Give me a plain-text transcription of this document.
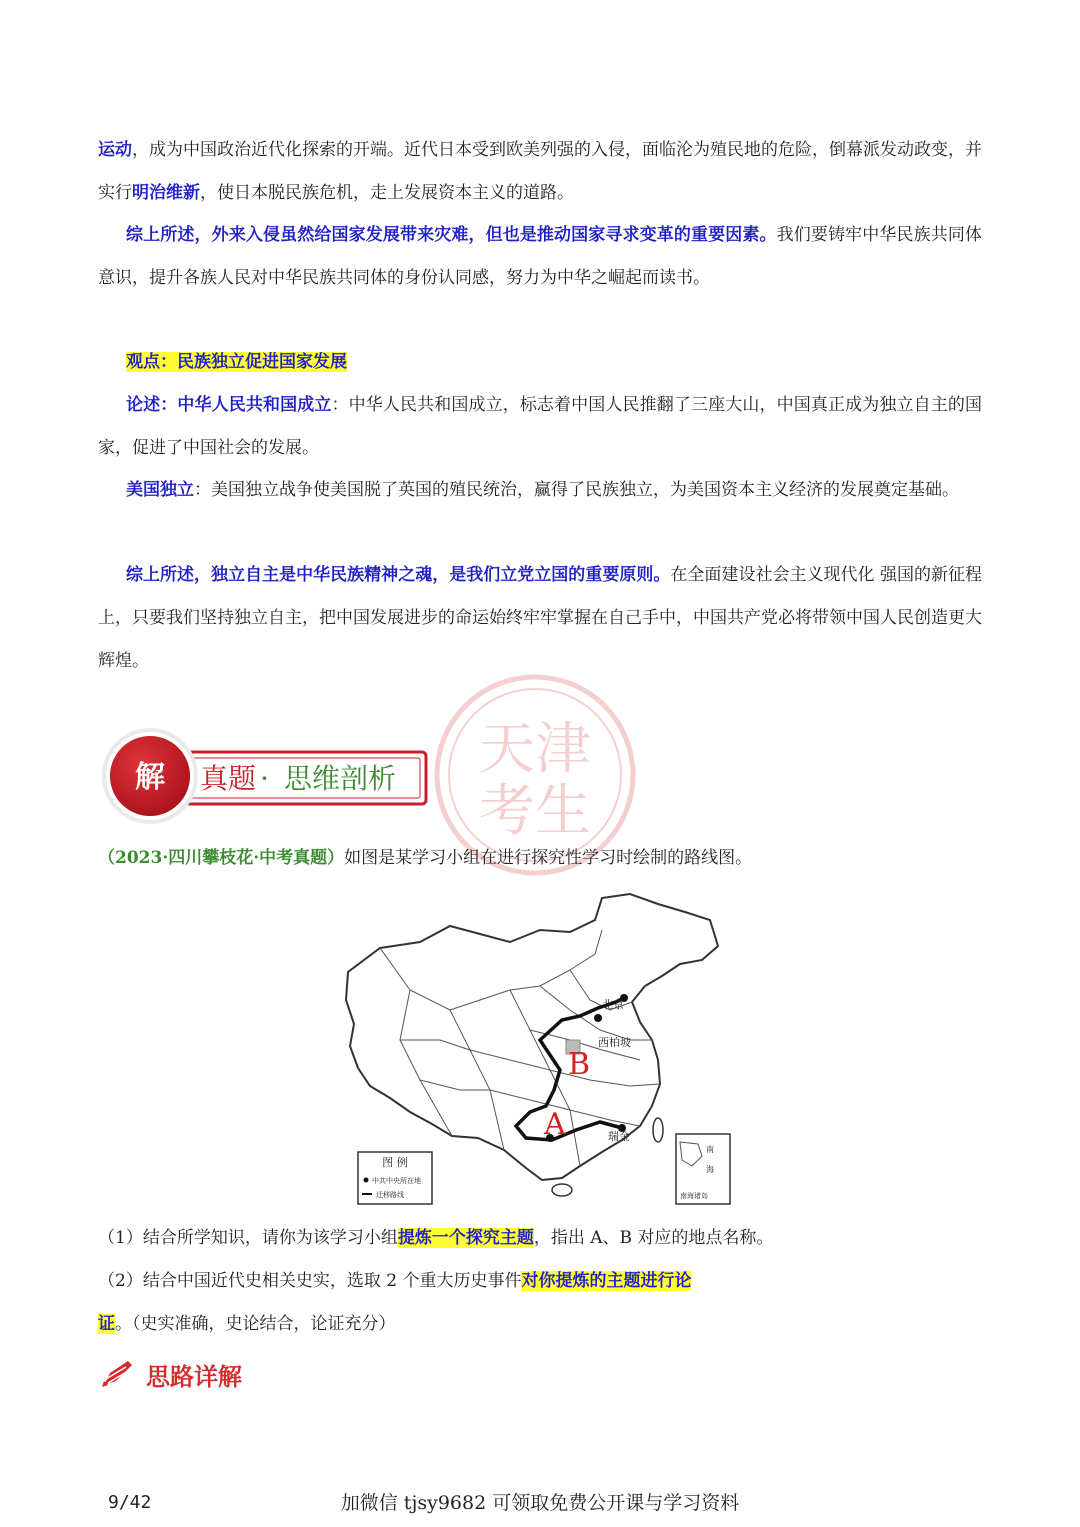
运动，成为中国政治近代化探索的开端。近代日本受到欧美列强的入侵，面临沦为殖民地的危险，倒幕派发动政变，并实行明治维新，使日本脱民族危机，走上发展资本主义的道路。

综上所述，外来入侵虽然给国家发展带来灾难，但也是推动国家寻求变革的重要因素。我们要铸牢中华民族共同体意识，提升各族人民对中华民族共同体的身份认同感，努力为中华之崛起而读书。

观点：民族独立促进国家发展

论述：中华人民共和国成立：中华人民共和国成立，标志着中国人民推翻了三座大山，中国真正成为独立自主的国家，促进了中国社会的发展。

美国独立：美国独立战争使美国脱了英国的殖民统治，赢得了民族独立，为美国资本主义经济的发展奠定基础。

综上所述，独立自主是中华民族精神之魂，是我们立党立国的重要原则。在全面建设社会主义现代化 强国的新征程上，只要我们坚持独立自主，把中国发展进步的命运始终牢牢掌握在自己手中，中国共产党必将带领中国人民创造更大辉煌。

天津
考生
解 真题 · 思维剖析

（2023·四川攀枝花·中考真题）如图是某学习小组在进行探究性学习时绘制的路线图。

北京
西柏坡
瑞金
B
A
图 例
中共中央所在地
迁移路线
南
海
南海诸岛

（1）结合所学知识，请你为该学习小组提炼一个探究主题，指出 A、B 对应的地点名称。

（2）结合中国近代史相关史实，选取 2 个重大历史事件对你提炼的主题进行论证。（史实准确，史论结合，论证充分）

思路详解
9/42	加微信 tjsy9682 可领取免费公开课与学习资料
